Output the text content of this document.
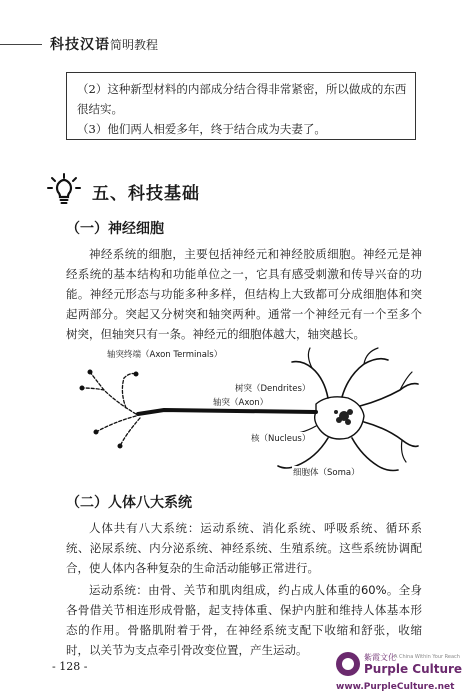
科技汉语简明教程

（2）这种新型材料的内部成分结合得非常紧密，所以做成的东西很结实。

（3）他们两人相爱多年，终于结合成为夫妻了。

五、科技基础
（一）神经细胞

神经系统的细胞，主要包括神经元和神经胶质细胞。神经元是神经系统的基本结构和功能单位之一，它具有感受刺激和传导兴奋的功能。神经元形态与功能多种多样，但结构上大致都可分成细胞体和突起两部分。突起又分树突和轴突两种。通常一个神经元有一个至多个树突，但轴突只有一条。神经元的细胞体越大，轴突越长。

轴突终端（Axon Terminals）
树突（Dendrites）
轴突（Axon）
核（Nucleus）
细胞体（Soma）
（二）人体八大系统

人体共有八大系统：运动系统、消化系统、呼吸系统、循环系统、泌尿系统、内分泌系统、神经系统、生殖系统。这些系统协调配合，使人体内各种复杂的生命活动能够正常进行。

运动系统：由骨、关节和肌肉组成，约占成人体重的60%。全身各骨借关节相连形成骨骼，起支持体重、保护内脏和维持人体基本形态的作用。骨骼肌附着于骨，在神经系统支配下收缩和舒张，收缩时，以关节为支点牵引骨改变位置，产生运动。

- 128 -
紫霞文化
A China Within Your Reach
Purple Culture
www.PurpleCulture.net
